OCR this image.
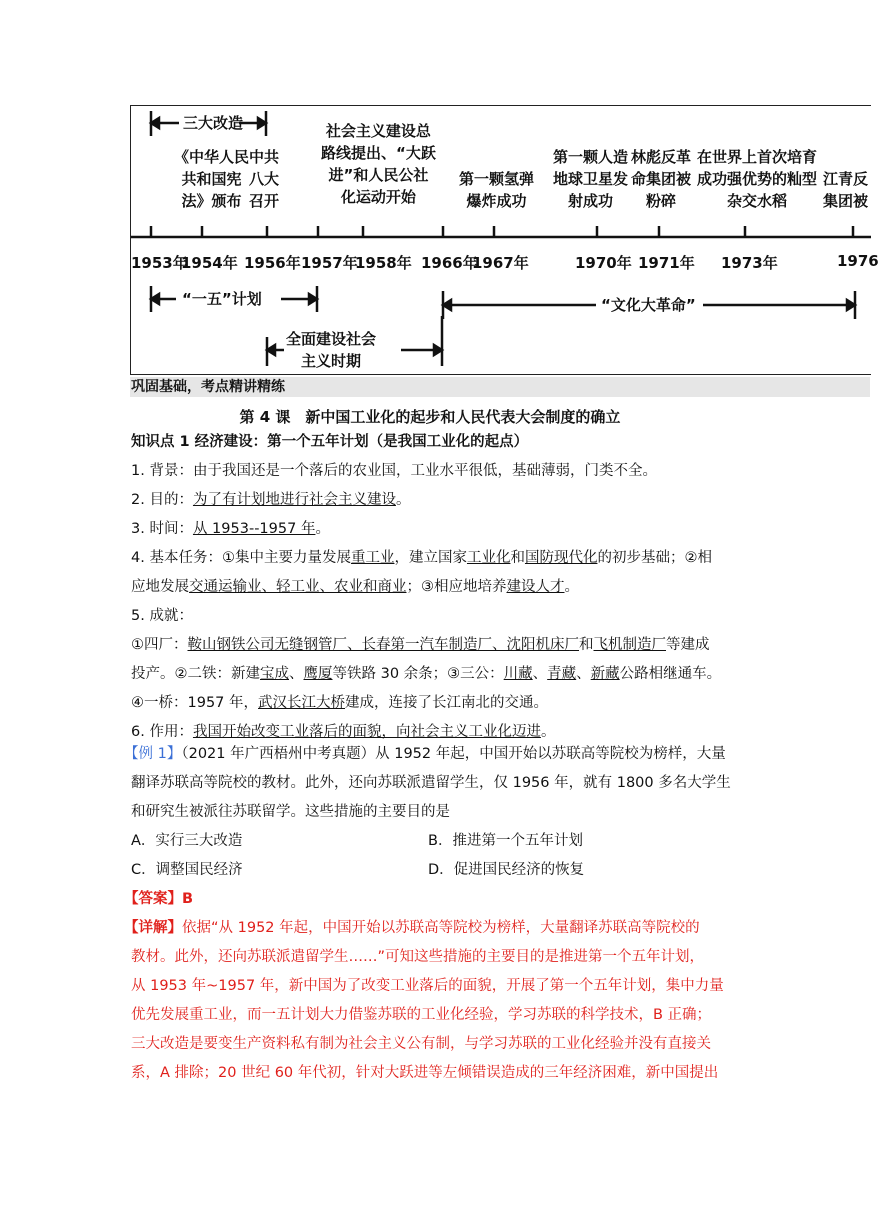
三大改造
《中华人民
共和国宪
法》颁布
中共
八大
召开
社会主义建设总
路线提出、“大跃
进”和人民公社
化运动开始
第一颗氢弹
爆炸成功
第一颗人造
地球卫星发
射成功
林彪反革
命集团被
粉碎
在世界上首次培育
成功强优势的籼型
杂交水稻
江青反
集团被
1953年
1954年 1956年 1957年
1958年 1966年
1967年	1970年 1971年 1973年	1976
“一五”计划	“文化大革命”
全面建设社会
主义时期
巩固基础，考点精讲精练
第 4 课　新中国工业化的起步和人民代表大会制度的确立
知识点 1 经济建设：第一个五年计划（是我国工业化的起点）
1. 背景：由于我国还是一个落后的农业国，工业水平很低，基础薄弱，门类不全。
2. 目的：为了有计划地进行社会主义建设。
3. 时间：从 1953--1957 年。
4. 基本任务：①集中主要力量发展重工业，建立国家工业化和国防现代化的初步基础；②相
应地发展交通运输业、轻工业、农业和商业；③相应地培养建设人才。
5. 成就：
①四厂：鞍山钢铁公司无缝钢管厂、长春第一汽车制造厂、沈阳机床厂和飞机制造厂等建成
投产。②二铁：新建宝成、鹰厦等铁路 30 余条；③三公：川藏、青藏、新藏公路相继通车。
④一桥：1957 年，武汉长江大桥建成，连接了长江南北的交通。
6. 作用：我国开始改变工业落后的面貌，向社会主义工业化迈进。
【例 1】（2021 年广西梧州中考真题）从 1952 年起，中国开始以苏联高等院校为榜样，大量
翻译苏联高等院校的教材。此外，还向苏联派遣留学生，仅 1956 年，就有 1800 多名大学生
和研究生被派往苏联留学。这些措施的主要目的是
A．实行三大改造	B．推进第一个五年计划
C．调整国民经济	D．促进国民经济的恢复
【答案】B
【详解】依据“从 1952 年起，中国开始以苏联高等院校为榜样，大量翻译苏联高等院校的
教材。此外，还向苏联派遣留学生……”可知这些措施的主要目的是推进第一个五年计划，
从 1953 年~1957 年，新中国为了改变工业落后的面貌，开展了第一个五年计划，集中力量
优先发展重工业，而一五计划大力借鉴苏联的工业化经验，学习苏联的科学技术，B 正确；
三大改造是要变生产资料私有制为社会主义公有制，与学习苏联的工业化经验并没有直接关
系，A 排除；20 世纪 60 年代初，针对大跃进等左倾错误造成的三年经济困难，新中国提出
